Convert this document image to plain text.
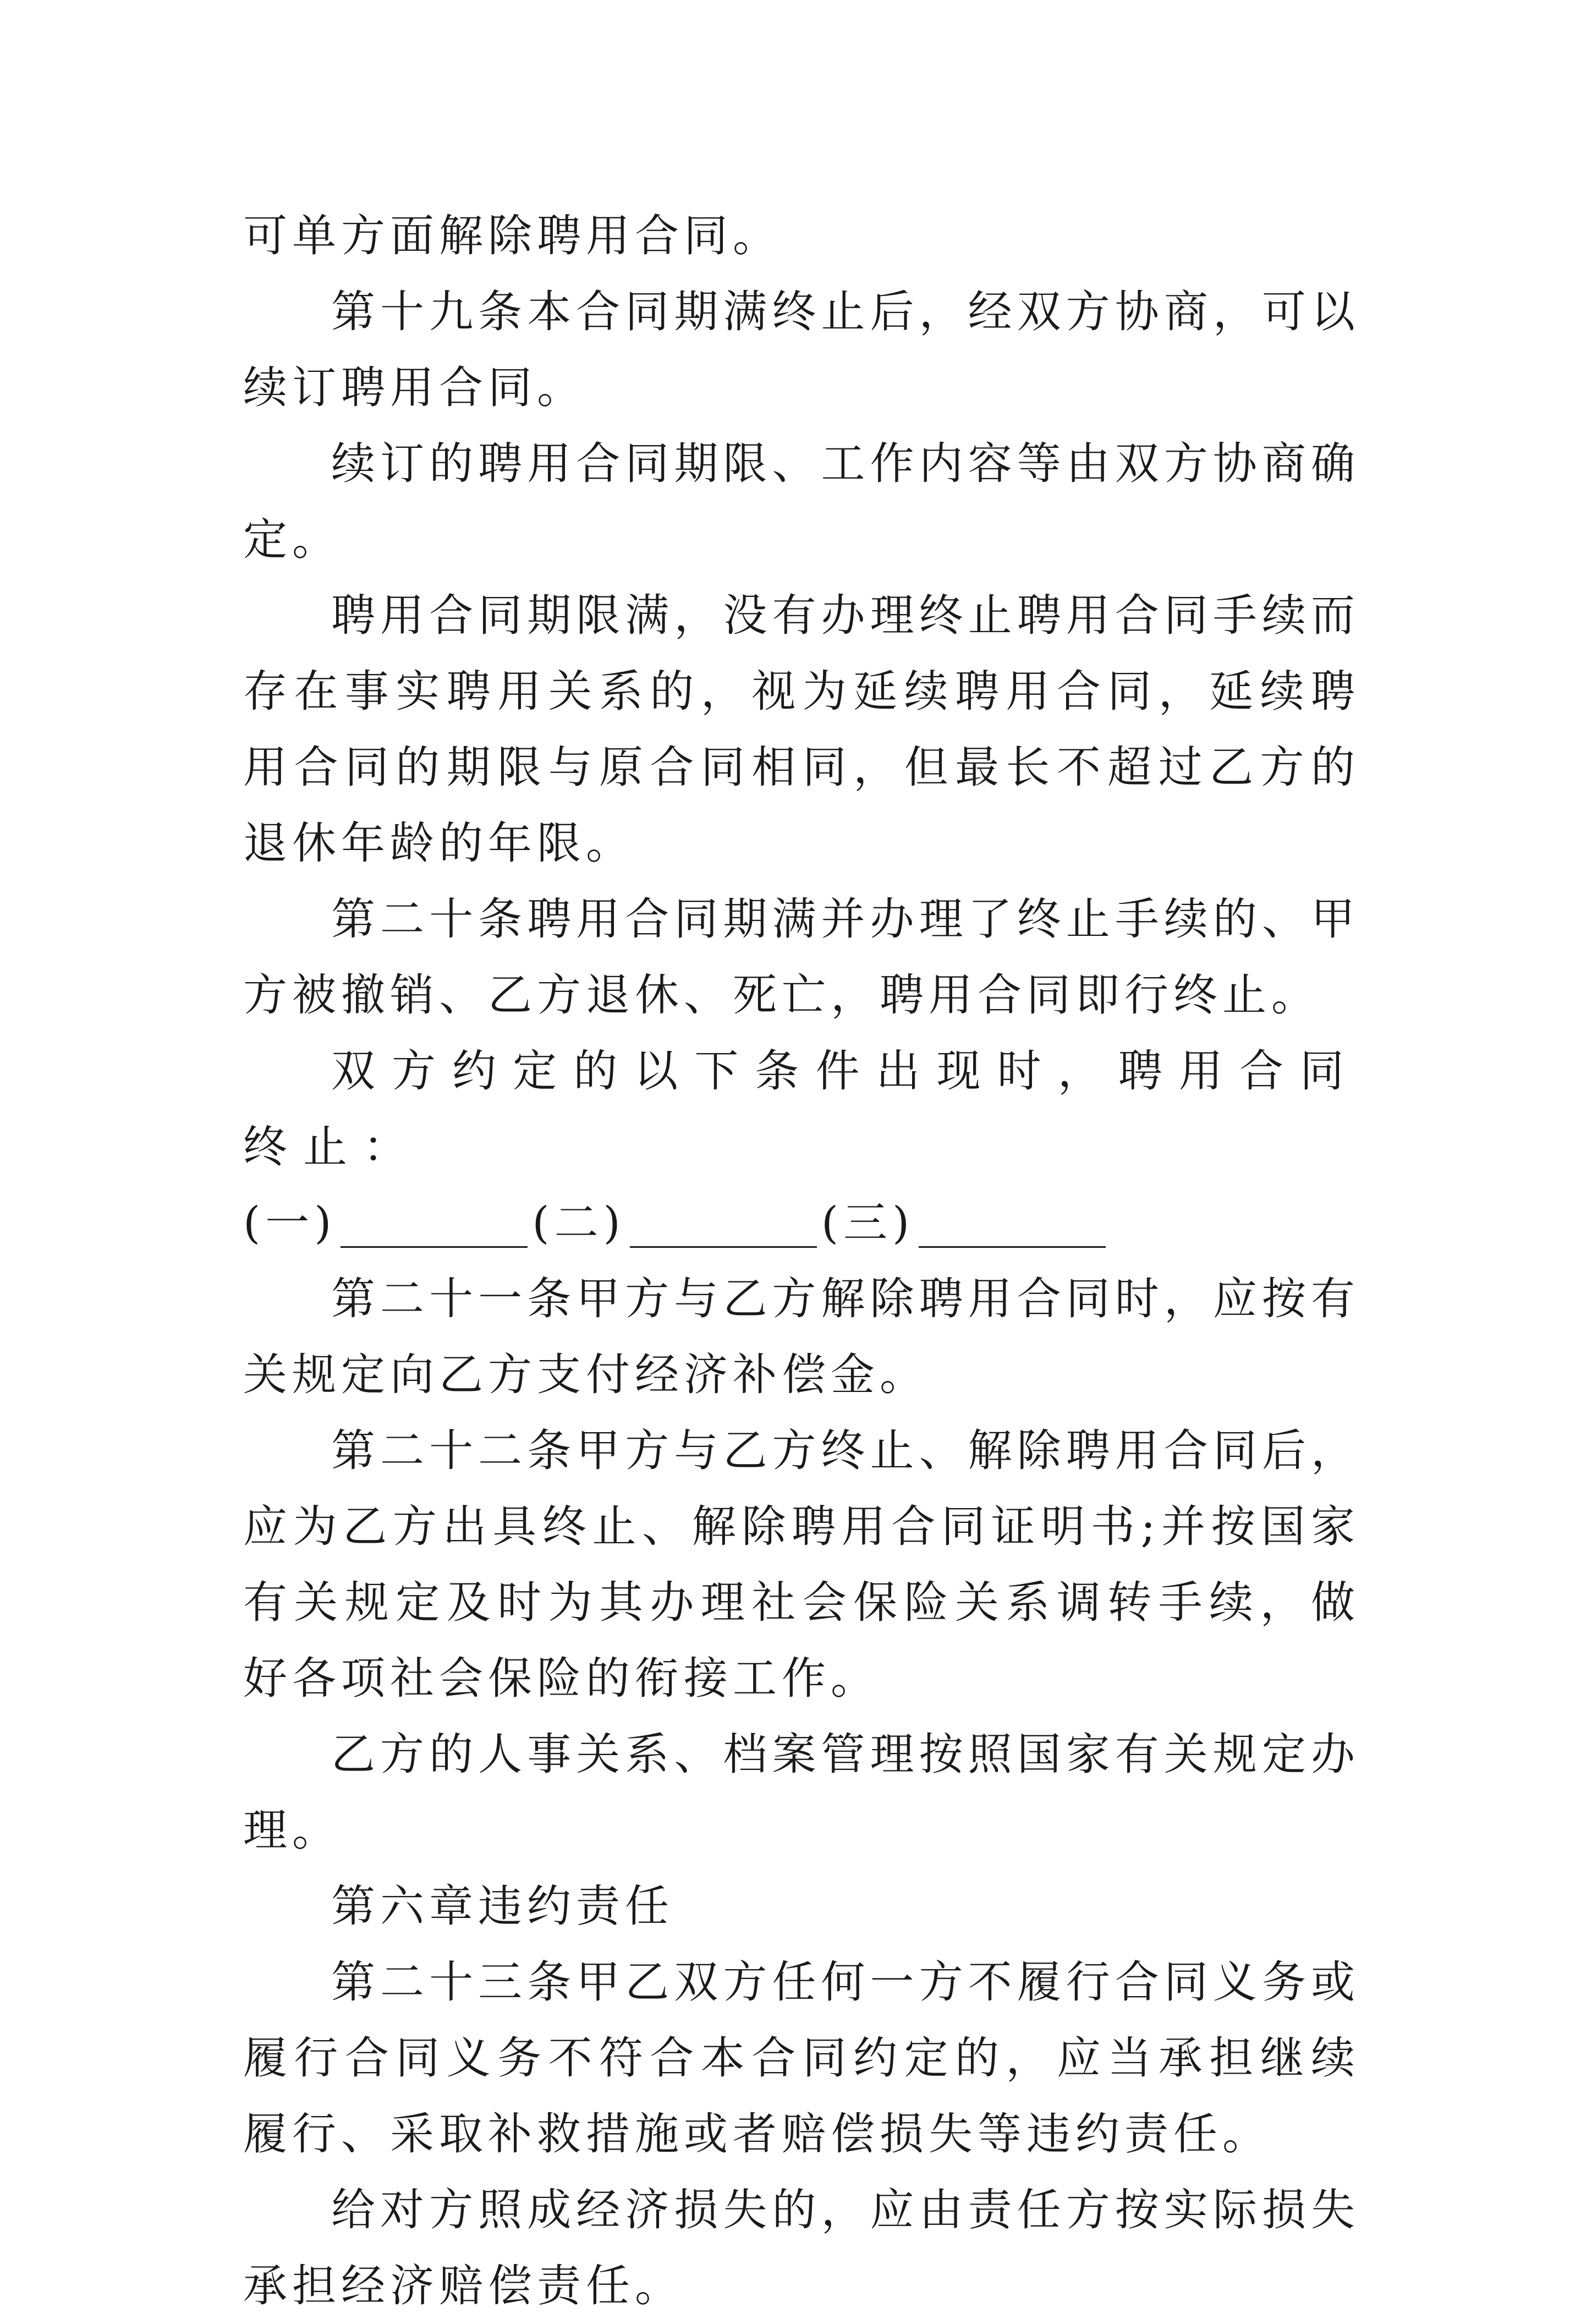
可单方面解除聘用合同。

第十九条本合同期满终止后，经双方协商，可以续订聘用合同。

续订的聘用合同期限、工作内容等由双方协商确定。

聘用合同期限满，没有办理终止聘用合同手续而存在事实聘用关系的，视为延续聘用合同，延续聘用合同的期限与原合同相同，但最长不超过乙方的退休年龄的年限。

第二十条聘用合同期满并办理了终止手续的、甲方被撤销、乙方退休、死亡，聘用合同即行终止。

双方约定的以下条件出现时，聘用合同终止：

(一)	(二)	(三)

第二十一条甲方与乙方解除聘用合同时，应按有关规定向乙方支付经济补偿金。

第二十二条甲方与乙方终止、解除聘用合同后，应为乙方出具终止、解除聘用合同证明书;并按国家有关规定及时为其办理社会保险关系调转手续，做好各项社会保险的衔接工作。

乙方的人事关系、档案管理按照国家有关规定办理。

第六章违约责任

第二十三条甲乙双方任何一方不履行合同义务或履行合同义务不符合本合同约定的，应当承担继续履行、采取补救措施或者赔偿损失等违约责任。

给对方照成经济损失的，应由责任方按实际损失承担经济赔偿责任。
